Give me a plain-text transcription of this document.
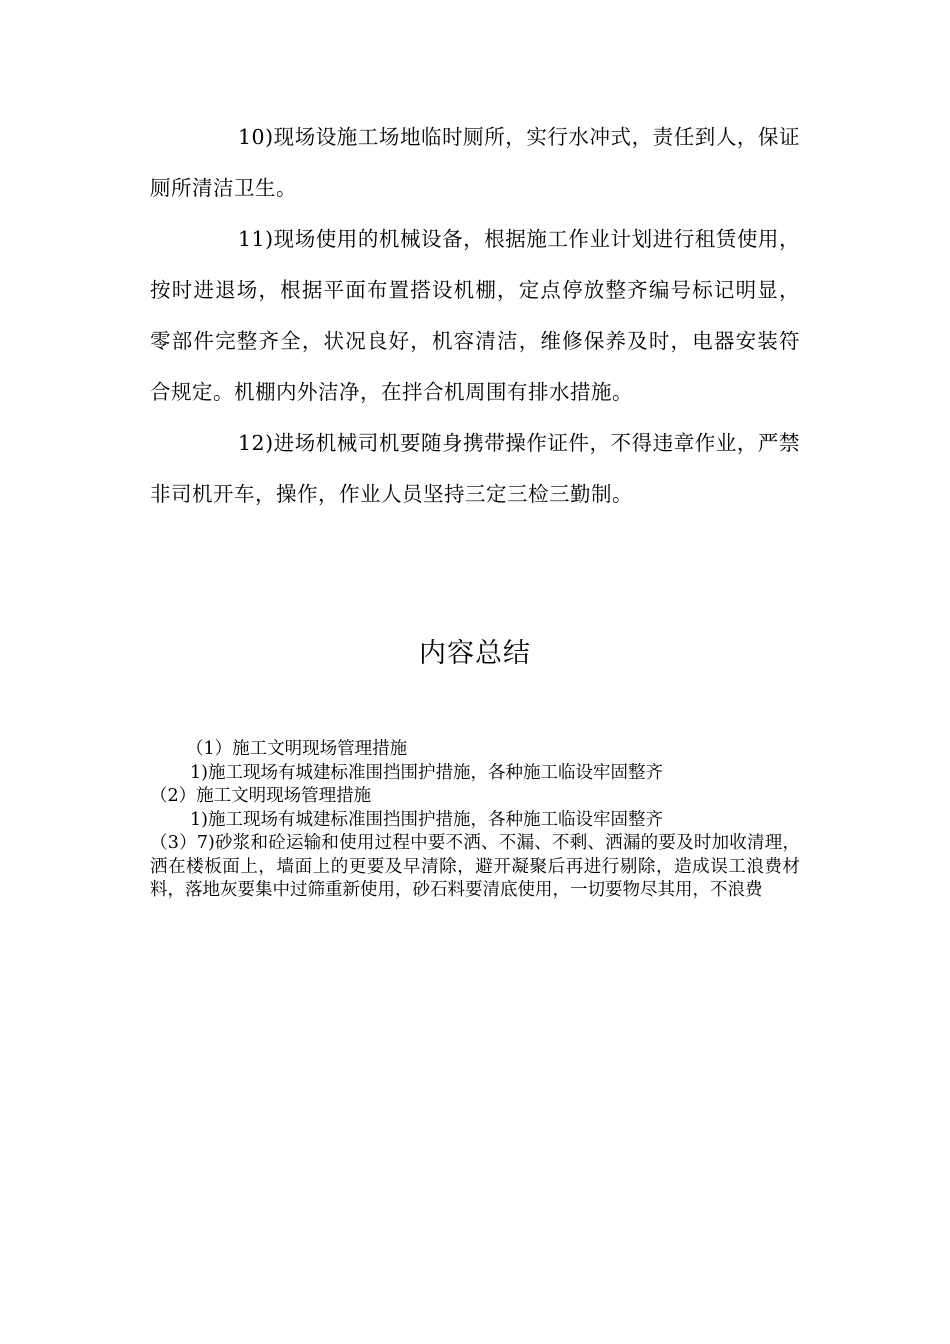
10)现场设施工场地临时厕所，实行水冲式，责任到人，保证厕所清洁卫生。

11)现场使用的机械设备，根据施工作业计划进行租赁使用，按时进退场，根据平面布置搭设机棚，定点停放整齐编号标记明显，零部件完整齐全，状况良好，机容清洁，维修保养及时，电器安装符合规定。机棚内外洁净，在拌合机周围有排水措施。

12)进场机械司机要随身携带操作证件，不得违章作业，严禁非司机开车，操作，作业人员坚持三定三检三勤制。

内容总结
（1）施工文明现场管理措施
1)施工现场有城建标准围挡围护措施，各种施工临设牢固整齐
（2）施工文明现场管理措施
1)施工现场有城建标准围挡围护措施，各种施工临设牢固整齐
（3）7)砂浆和砼运输和使用过程中要不洒、不漏、不剩、洒漏的要及时加收清理，洒在楼板面上，墙面上的更要及早清除，避开凝聚后再进行剔除，造成误工浪费材料，落地灰要集中过筛重新使用，砂石料要清底使用，一切要物尽其用，不浪费
